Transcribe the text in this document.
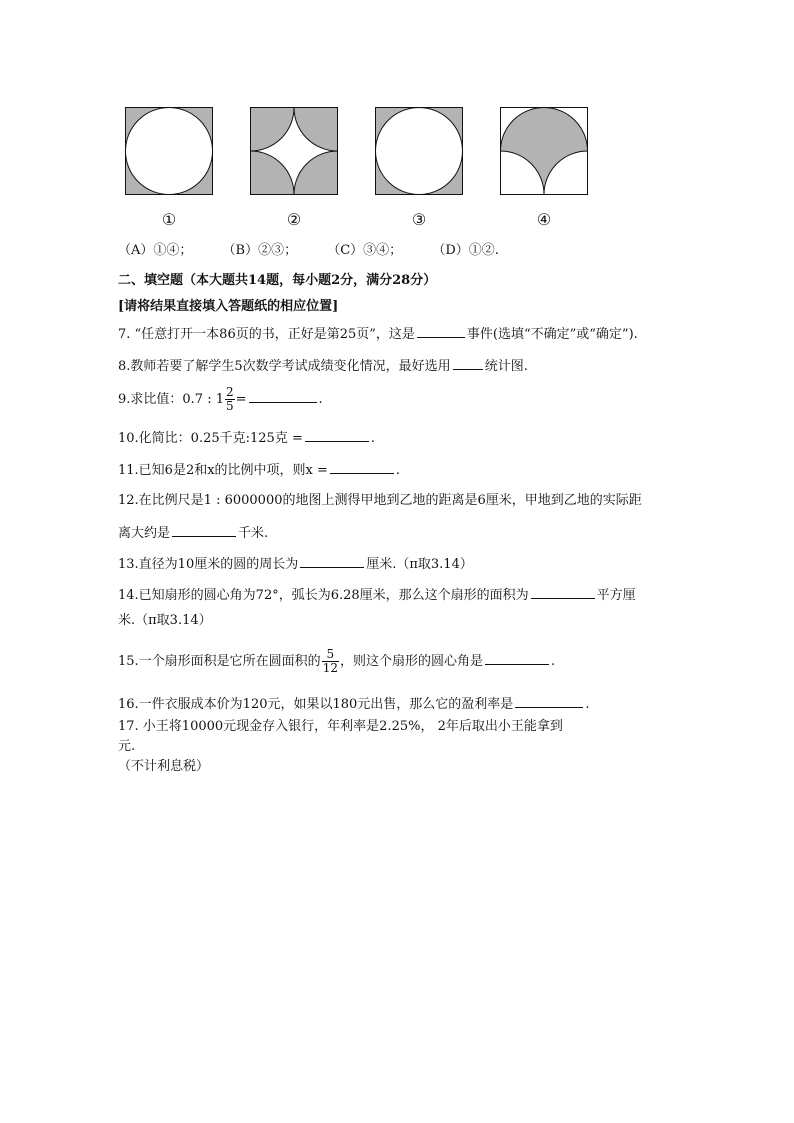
①	②	③	④
（A）①④； （B）②③； （C）③④； （D）①②.
二、填空题（本大题共14题，每小题2分，满分28分）
[请将结果直接填入答题纸的相应位置]
7. “任意打开一本86页的书，正好是第25页”，这是	事件(选填“不确定”或“确定”).
8.教师若要了解学生5次数学考试成绩变化情况，最好选用	统计图.
9.求比值：0.7 : $1 \frac{2}{5}$ =	.
10.化简比：0.25千克:125克 =	.
11.已知6是2和x的比例中项，则x =	.
12.在比例尺是1 : 6000000的地图上测得甲地到乙地的距离是6厘米，甲地到乙地的实际距
离大约是	千米.
13.直径为10厘米的圆的周长为	厘米.（π取3.14）
14.已知扇形的圆心角为72°，弧长为6.28厘米，那么这个扇形的面积为	平方厘
米.（π取3.14）
15.一个扇形面积是它所在圆面积的 $\frac{5}{12}$ ，则这个扇形的圆心角是	.
16.一件衣服成本价为120元，如果以180元出售，那么它的盈利率是	.
17. 小王将10000元现金存入银行，年利率是2.25%， 2年后取出小王能拿到
元.
（不计利息税）
